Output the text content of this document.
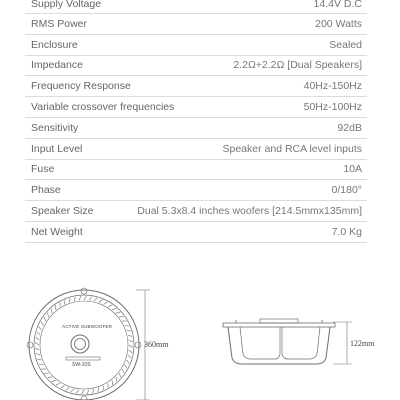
Supply Voltage	14.4V D.C
RMS Power	200 Watts
Enclosure	Sealed
Impedance	2.2Ω+2.2Ω [Dual Speakers]
Frequency Response	40Hz-150Hz
Variable crossover frequencies	50Hz-100Hz
Sensitivity	92dB
Input Level	Speaker and RCA level inputs
Fuse	10A
Phase	0/180°
Speaker Size	Dual 5.3x8.4 inches woofers [214.5mmx135mm]
Net Weight	7.0 Kg
360mm	122mm
ACTIVE SUBWOOFER
SW-10S
